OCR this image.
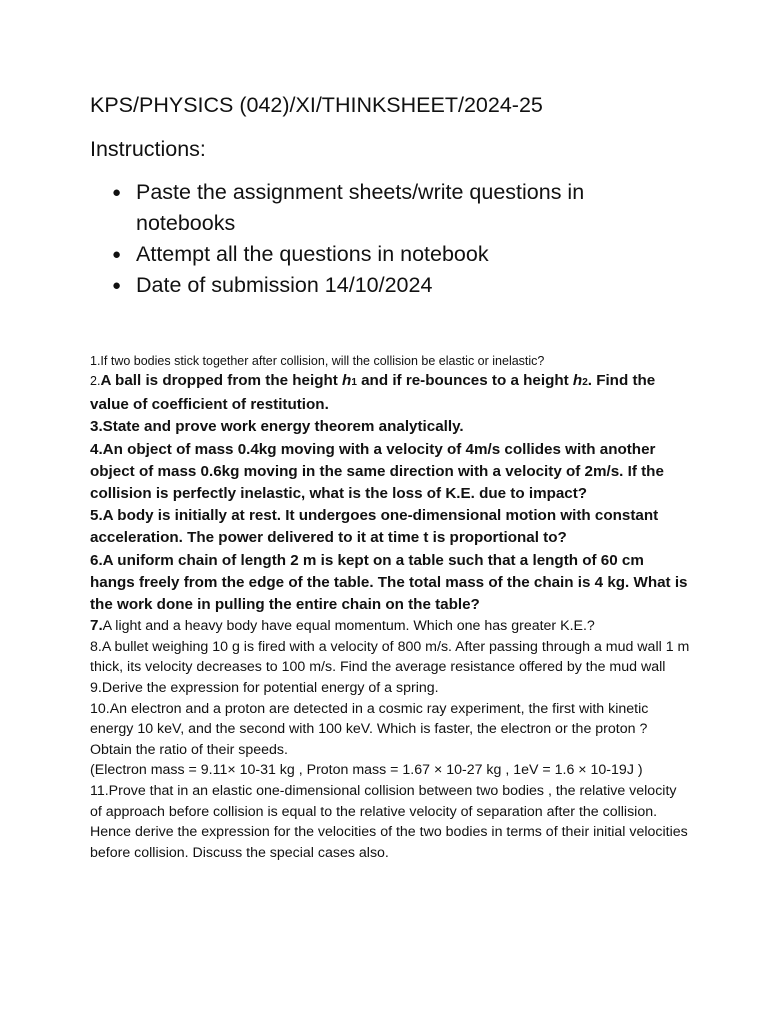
KPS/PHYSICS (042)/XI/THINKSHEET/2024-25
Instructions:
● Paste the assignment sheets/write questions in notebooks
● Attempt all the questions in notebook
● Date of submission 14/10/2024

1.If two bodies stick together after collision, will the collision be elastic or inelastic?

2.A ball is dropped from the height h1 and if re-bounces to a height h2. Find the value of coefficient of restitution.

3.State and prove work energy theorem analytically.

4.An object of mass 0.4kg moving with a velocity of 4m/s collides with another object of mass 0.6kg moving in the same direction with a velocity of 2m/s. If the collision is perfectly inelastic, what is the loss of K.E. due to impact?

5.A body is initially at rest. It undergoes one-dimensional motion with constant acceleration. The power delivered to it at time t is proportional to?

6.A uniform chain of length 2 m is kept on a table such that a length of 60 cm hangs freely from the edge of the table. The total mass of the chain is 4 kg. What is the work done in pulling the entire chain on the table?

7.A light and a heavy body have equal momentum. Which one has greater K.E.?

8.A bullet weighing 10 g is fired with a velocity of 800 m/s. After passing through a mud wall 1 m

thick, its velocity decreases to 100 m/s. Find the average resistance offered by the mud wall

9.Derive the expression for potential energy of a spring.

10.An electron and a proton are detected in a cosmic ray experiment, the first with kinetic energy 10 keV, and the second with 100 keV. Which is faster, the electron or the proton ? Obtain the ratio of their speeds.

(Electron mass = 9.11× 10-31 kg , Proton mass = 1.67 × 10-27 kg , 1eV = 1.6 × 10-19J )

11.Prove that in an elastic one-dimensional collision between two bodies , the relative velocity of approach before collision is equal to the relative velocity of separation after the collision. Hence derive the expression for the velocities of the two bodies in terms of their initial velocities before collision. Discuss the special cases also.
